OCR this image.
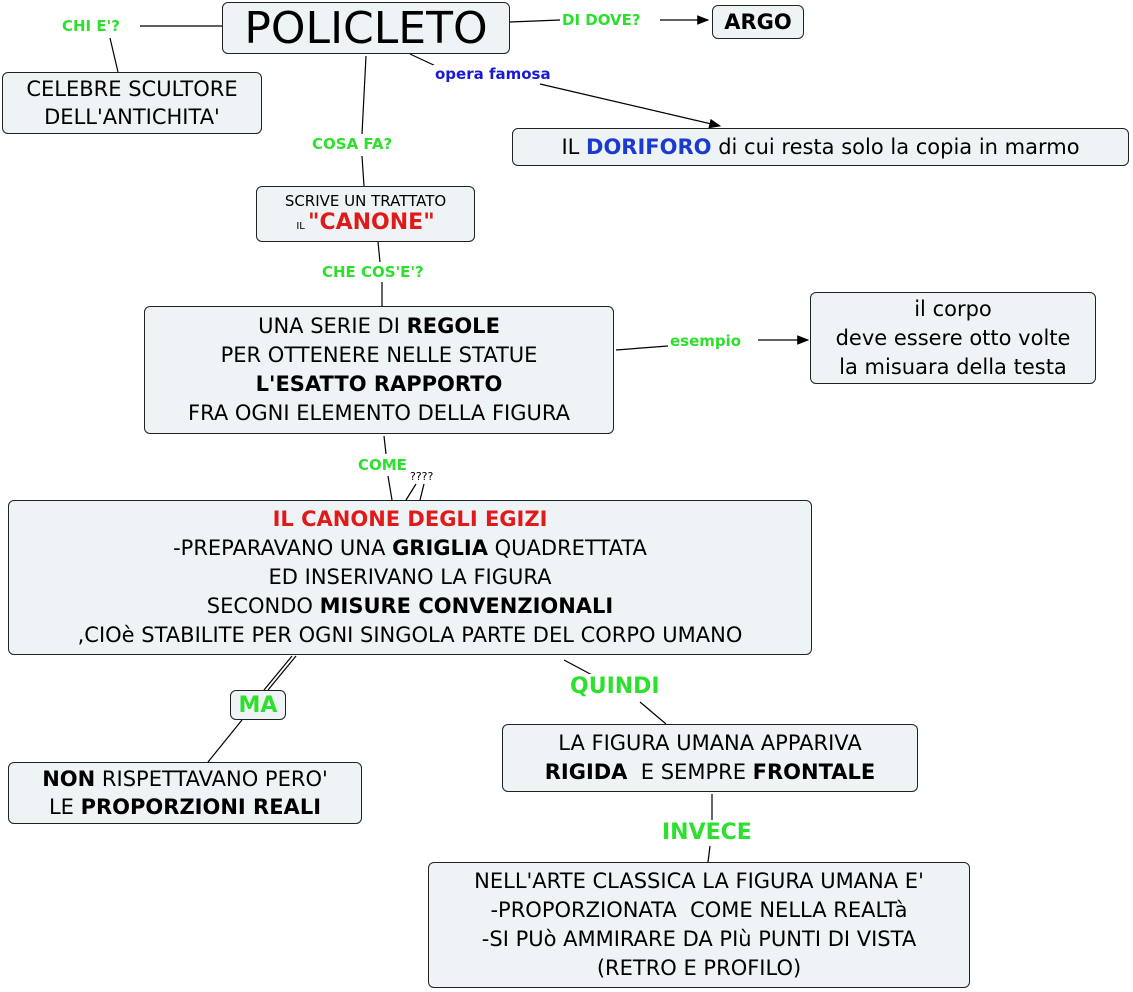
POLICLETO
CHI E'?
CELEBRE SCULTORE
DELL'ANTICHITA'
DI DOVE?	ARGO
opera famosa
IL DORIFORO di cui resta solo la copia in marmo
COSA FA?
SCRIVE UN TRATTATO
IL "CANONE"
CHE COS'E'?
UNA SERIE DI REGOLE
PER OTTENERE NELLE STATUE
L'ESATTO RAPPORTO
FRA OGNI ELEMENTO DELLA FIGURA
esempio
il corpo
deve essere otto volte
la misuara della testa
COME
????
IL CANONE DEGLI EGIZI
-PREPARAVANO UNA GRIGLIA QUADRETTATA
ED INSERIVANO LA FIGURA
SECONDO MISURE CONVENZIONALI
,CIOè STABILITE PER OGNI SINGOLA PARTE DEL CORPO UMANO
MA
NON RISPETTAVANO PERO'
LE PROPORZIONI REALI
QUINDI
LA FIGURA UMANA APPARIVA
RIGIDA  E SEMPRE FRONTALE
INVECE
NELL'ARTE CLASSICA LA FIGURA UMANA E'
-PROPORZIONATA  COME NELLA REALTà
-SI PUò AMMIRARE DA PIù PUNTI DI VISTA
(RETRO E PROFILO)
